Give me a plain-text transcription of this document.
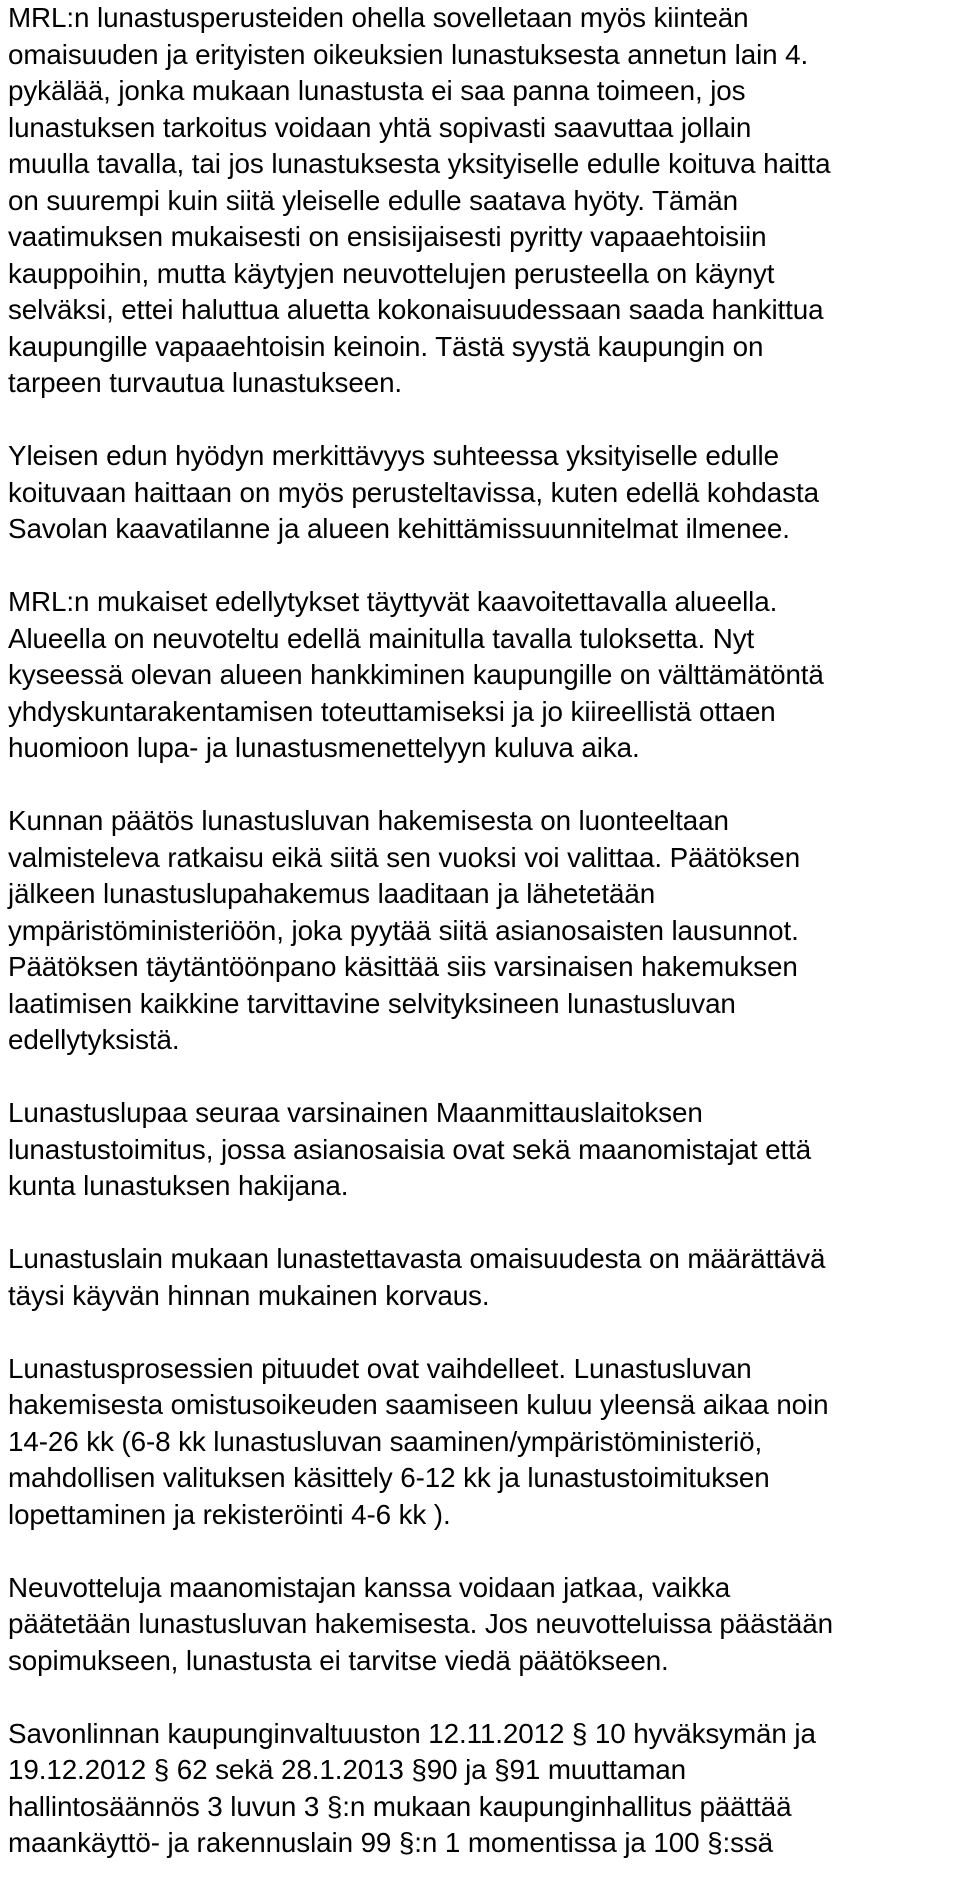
MRL:n lunastusperusteiden ohella sovelletaan myös kiinteän
omaisuuden ja erityisten oikeuksien lunastuksesta annetun lain 4.
pykälää, jonka mukaan lunastusta ei saa panna toimeen, jos
lunastuksen tarkoitus voidaan yhtä sopivasti saavuttaa jollain
muulla tavalla, tai jos lunastuksesta yksityiselle edulle koituva haitta
on suurempi kuin siitä yleiselle edulle saatava hyöty. Tämän
vaatimuksen mukaisesti on ensisijaisesti pyritty vapaaehtoisiin
kauppoihin, mutta käytyjen neuvottelujen perusteella on käynyt
selväksi, ettei haluttua aluetta kokonaisuudessaan saada hankittua
kaupungille vapaaehtoisin keinoin. Tästä syystä kaupungin on
tarpeen turvautua lunastukseen.
Yleisen edun hyödyn merkittävyys suhteessa yksityiselle edulle
koituvaan haittaan on myös perusteltavissa, kuten edellä kohdasta
Savolan kaavatilanne ja alueen kehittämissuunnitelmat ilmenee.
MRL:n mukaiset edellytykset täyttyvät kaavoitettavalla alueella.
Alueella on neuvoteltu edellä mainitulla tavalla tuloksetta. Nyt
kyseessä olevan alueen hankkiminen kaupungille on välttämätöntä
yhdyskuntarakentamisen toteuttamiseksi ja jo kiireellistä ottaen
huomioon lupa- ja lunastusmenettelyyn kuluva aika.
Kunnan päätös lunastusluvan hakemisesta on luonteeltaan
valmisteleva ratkaisu eikä siitä sen vuoksi voi valittaa. Päätöksen
jälkeen lunastuslupahakemus laaditaan ja lähetetään
ympäristöministeriöön, joka pyytää siitä asianosaisten lausunnot.
Päätöksen täytäntöönpano käsittää siis varsinaisen hakemuksen
laatimisen kaikkine tarvittavine selvityksineen lunastusluvan
edellytyksistä.
Lunastuslupaa seuraa varsinainen Maanmittauslaitoksen
lunastustoimitus, jossa asianosaisia ovat sekä maanomistajat että
kunta lunastuksen hakijana.
Lunastuslain mukaan lunastettavasta omaisuudesta on määrättävä
täysi käyvän hinnan mukainen korvaus.
Lunastusprosessien pituudet ovat vaihdelleet. Lunastusluvan
hakemisesta omistusoikeuden saamiseen kuluu yleensä aikaa noin
14-26 kk (6-8 kk lunastusluvan saaminen/ympäristöministeriö,
mahdollisen valituksen käsittely 6-12 kk ja lunastustoimituksen
lopettaminen ja rekisteröinti 4-6 kk ).
Neuvotteluja maanomistajan kanssa voidaan jatkaa, vaikka
päätetään lunastusluvan hakemisesta. Jos neuvotteluissa päästään
sopimukseen, lunastusta ei tarvitse viedä päätökseen.
Savonlinnan kaupunginvaltuuston 12.11.2012 § 10 hyväksymän ja
19.12.2012 § 62 sekä 28.1.2013 §90 ja §91 muuttaman
hallintosäännös 3 luvun 3 §:n mukaan kaupunginhallitus päättää
maankäyttö- ja rakennuslain 99 §:n 1 momentissa ja 100 §:ssä
